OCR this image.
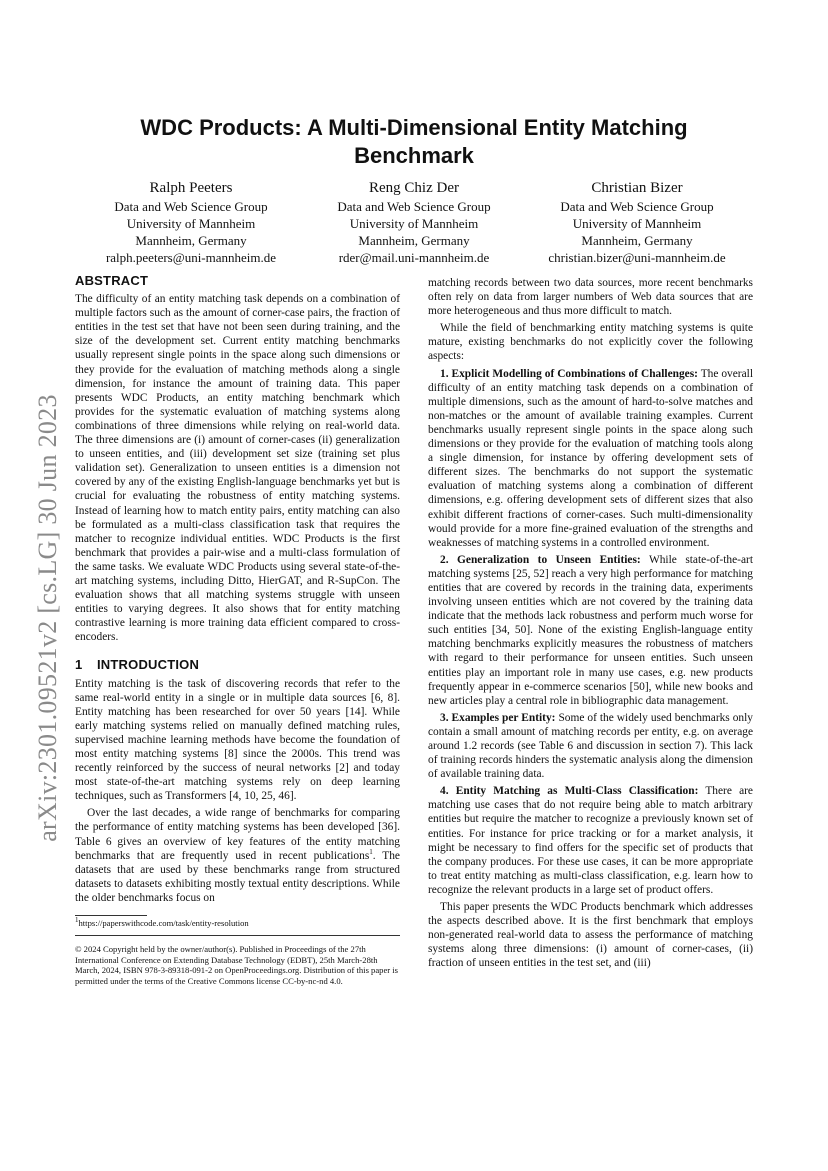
arXiv:2301.09521v2 [cs.LG] 30 Jun 2023
WDC Products: A Multi-Dimensional Entity Matching Benchmark
Ralph Peeters
Data and Web Science Group
University of Mannheim
Mannheim, Germany
ralph.peeters@uni-mannheim.de
Reng Chiz Der
Data and Web Science Group
University of Mannheim
Mannheim, Germany
rder@mail.uni-mannheim.de
Christian Bizer
Data and Web Science Group
University of Mannheim
Mannheim, Germany
christian.bizer@uni-mannheim.de
ABSTRACT

The difficulty of an entity matching task depends on a combination of multiple factors such as the amount of corner-case pairs, the fraction of entities in the test set that have not been seen during training, and the size of the development set. Current entity matching benchmarks usually represent single points in the space along such dimensions or they provide for the evaluation of matching methods along a single dimension, for instance the amount of training data. This paper presents WDC Products, an entity matching benchmark which provides for the systematic evaluation of matching systems along combinations of three dimensions while relying on real-world data. The three dimensions are (i) amount of corner-cases (ii) generalization to unseen entities, and (iii) development set size (training set plus validation set). Generalization to unseen entities is a dimension not covered by any of the existing English-language benchmarks yet but is crucial for evaluating the robustness of entity matching systems. Instead of learning how to match entity pairs, entity matching can also be formulated as a multi-class classification task that requires the matcher to recognize individual entities. WDC Products is the first benchmark that provides a pair-wise and a multi-class formulation of the same tasks. We evaluate WDC Products using several state-of-the-art matching systems, including Ditto, HierGAT, and R-SupCon. The evaluation shows that all matching systems struggle with unseen entities to varying degrees. It also shows that for entity matching contrastive learning is more training data efficient compared to cross-encoders.

1 INTRODUCTION

Entity matching is the task of discovering records that refer to the same real-world entity in a single or in multiple data sources [6, 8]. Entity matching has been researched for over 50 years [14]. While early matching systems relied on manually defined matching rules, supervised machine learning methods have become the foundation of most entity matching systems [8] since the 2000s. This trend was recently reinforced by the success of neural networks [2] and today most state-of-the-art matching systems rely on deep learning techniques, such as Transformers [4, 10, 25, 46].

Over the last decades, a wide range of benchmarks for comparing the performance of entity matching systems has been developed [36]. Table 6 gives an overview of key features of the entity matching benchmarks that are frequently used in recent publications$^1$. The datasets that are used by these benchmarks range from structured datasets to datasets exhibiting mostly textual entity descriptions. While the older benchmarks focus on

$^1$https://paperswithcode.com/task/entity-resolution
© 2024 Copyright held by the owner/author(s). Published in Proceedings of the 27th International Conference on Extending Database Technology (EDBT), 25th March-28th March, 2024, ISBN 978-3-89318-091-2 on OpenProceedings.org. Distribution of this paper is permitted under the terms of the Creative Commons license CC-by-nc-nd 4.0.

matching records between two data sources, more recent benchmarks often rely on data from larger numbers of Web data sources that are more heterogeneous and thus more difficult to match.

While the field of benchmarking entity matching systems is quite mature, existing benchmarks do not explicitly cover the following aspects:

1. Explicit Modelling of Combinations of Challenges: The overall difficulty of an entity matching task depends on a combination of multiple dimensions, such as the amount of hard-to-solve matches and non-matches or the amount of available training examples. Current benchmarks usually represent single points in the space along such dimensions or they provide for the evaluation of matching tools along a single dimension, for instance by offering development sets of different sizes. The benchmarks do not support the systematic evaluation of matching systems along a combination of different dimensions, e.g. offering development sets of different sizes that also exhibit different fractions of corner-cases. Such multi-dimensionality would provide for a more fine-grained evaluation of the strengths and weaknesses of matching systems in a controlled environment.

2. Generalization to Unseen Entities: While state-of-the-art matching systems [25, 52] reach a very high performance for matching entities that are covered by records in the training data, experiments involving unseen entities which are not covered by the training data indicate that the methods lack robustness and perform much worse for such entities [34, 50]. None of the existing English-language entity matching benchmarks explicitly measures the robustness of matchers with regard to their performance for unseen entities. Such unseen entities play an important role in many use cases, e.g. new products frequently appear in e-commerce scenarios [50], while new books and new articles play a central role in bibliographic data management.

3. Examples per Entity: Some of the widely used benchmarks only contain a small amount of matching records per entity, e.g. on average around 1.2 records (see Table 6 and discussion in section 7). This lack of training records hinders the systematic analysis along the dimension of available training data.

4. Entity Matching as Multi-Class Classification: There are matching use cases that do not require being able to match arbitrary entities but require the matcher to recognize a previously known set of entities. For instance for price tracking or for a market analysis, it might be necessary to find offers for the specific set of products that the company produces. For these use cases, it can be more appropriate to treat entity matching as multi-class classification, e.g. learn how to recognize the relevant products in a large set of product offers.

This paper presents the WDC Products benchmark which addresses the aspects described above. It is the first benchmark that employs non-generated real-world data to assess the performance of matching systems along three dimensions: (i) amount of corner-cases, (ii) fraction of unseen entities in the test set, and (iii)
